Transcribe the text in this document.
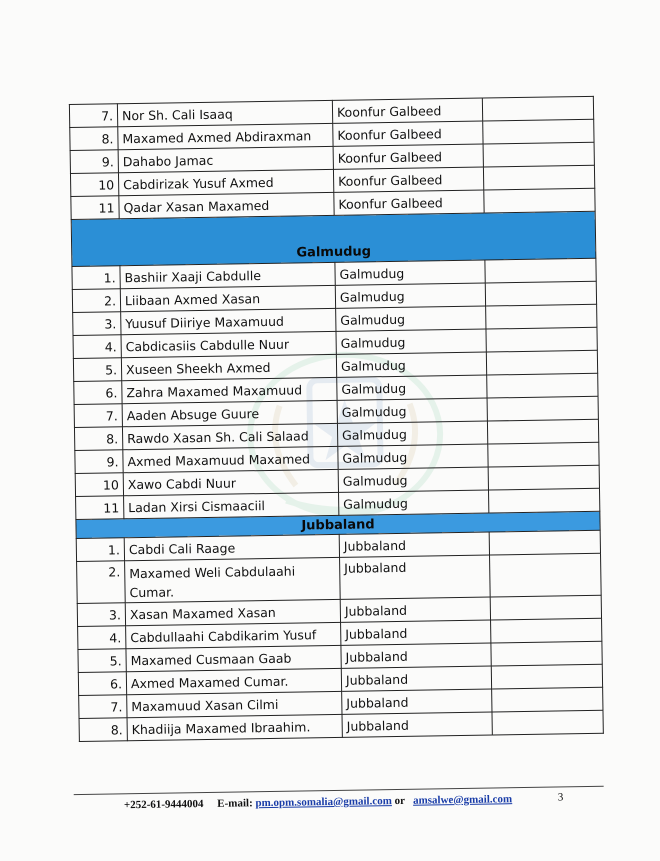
7.	Nor Sh. Cali Isaaq	Koonfur Galbeed	
8.	Maxamed Axmed Abdiraxman	Koonfur Galbeed	
9.	Dahabo Jamac	Koonfur Galbeed	
10	Cabdirizak Yusuf Axmed	Koonfur Galbeed	
11	Qadar Xasan Maxamed	Koonfur Galbeed	
Galmudug			
1.	Bashiir Xaaji Cabdulle	Galmudug	
2.	Liibaan Axmed Xasan	Galmudug	
3.	Yuusuf Diiriye Maxamuud	Galmudug	
4.	Cabdicasiis Cabdulle Nuur	Galmudug	
5.	Xuseen Sheekh Axmed	Galmudug	
6.	Zahra Maxamed Maxamuud	Galmudug	
7.	Aaden Absuge Guure	Galmudug	
8.	Rawdo Xasan Sh. Cali Salaad	Galmudug	
9.	Axmed Maxamuud Maxamed	Galmudug	
10	Xawo Cabdi Nuur	Galmudug	
11	Ladan Xirsi Cismaaciil	Galmudug	
Jubbaland			
1.	Cabdi Cali Raage	Jubbaland	
2.	Maxamed Weli Cabdulaahi Cumar.	Jubbaland	
3.	Xasan Maxamed Xasan	Jubbaland	
4.	Cabdullaahi Cabdikarim Yusuf	Jubbaland	
5.	Maxamed Cusmaan Gaab	Jubbaland	
6.	Axmed Maxamed Cumar.	Jubbaland	
7.	Maxamuud Xasan Cilmi	Jubbaland	
8.	Khadiija Maxamed Ibraahim.	Jubbaland	
+252-61-9444004 E-mail: pm.opm.somalia@gmail.com or amsalwe@gmail.com	3
